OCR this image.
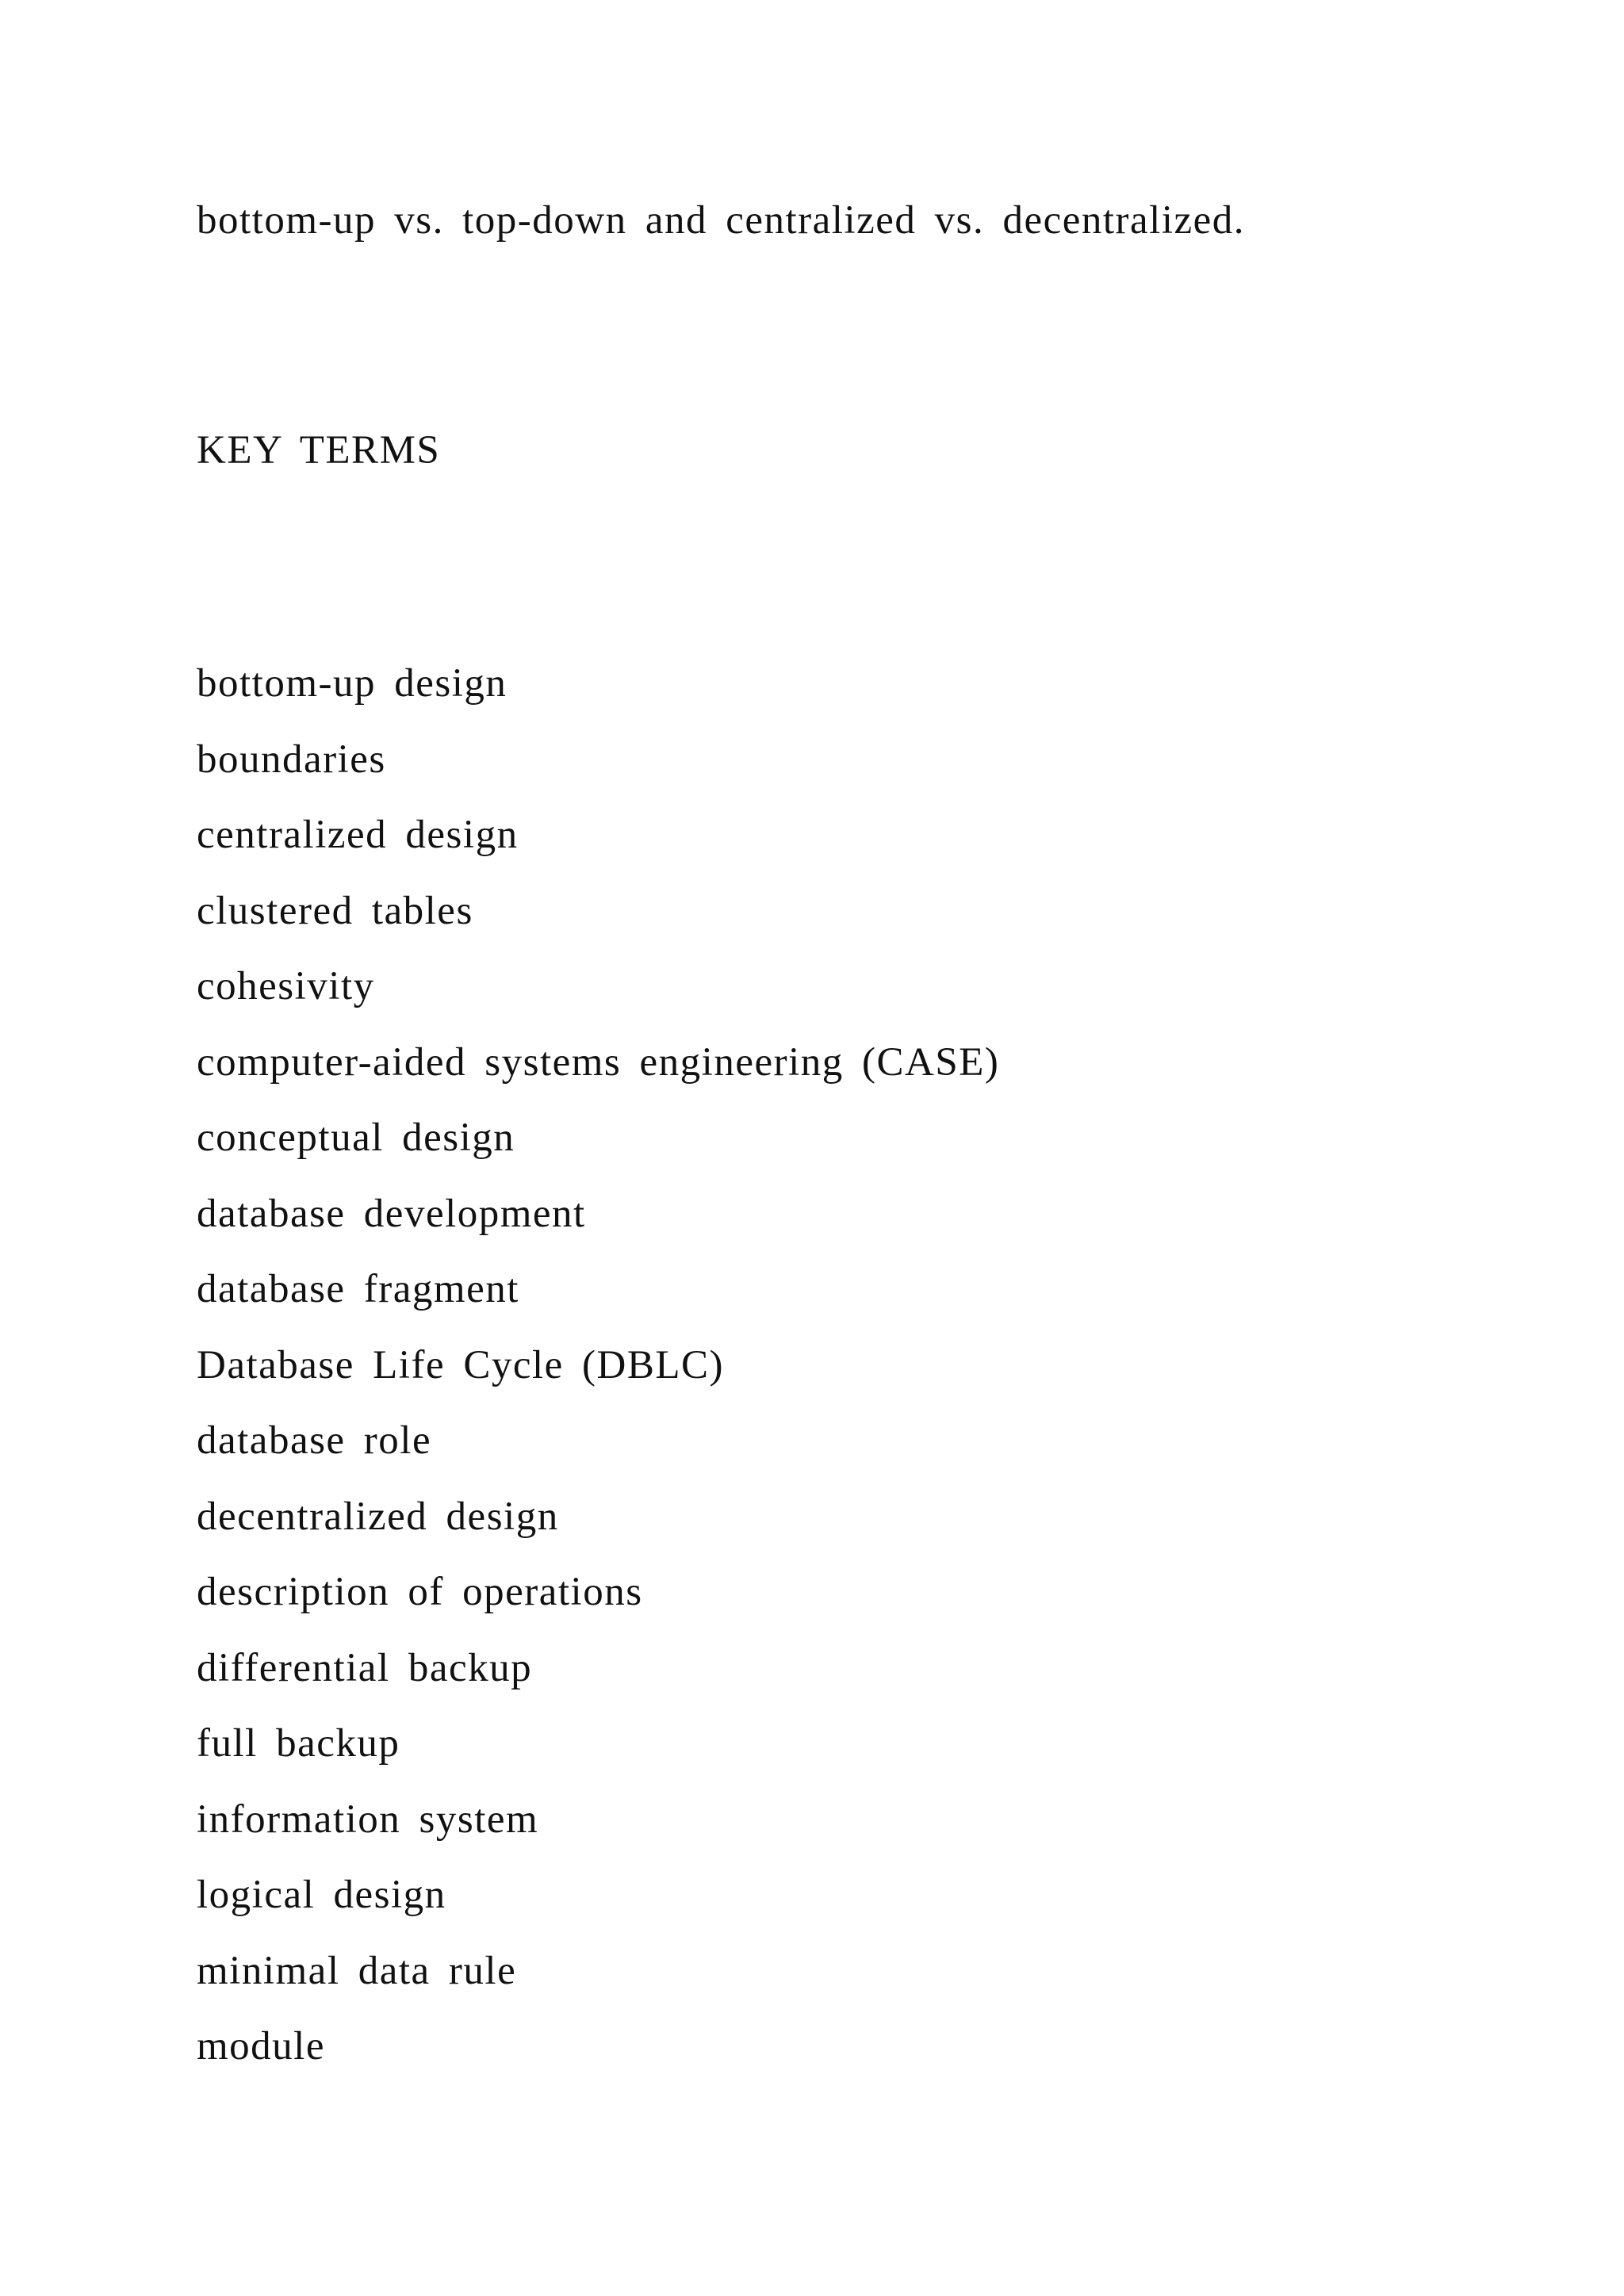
bottom-up vs. top-down and centralized vs. decentralized.
KEY TERMS
bottom-up design
boundaries
centralized design
clustered tables
cohesivity
computer-aided systems engineering (CASE)
conceptual design
database development
database fragment
Database Life Cycle (DBLC)
database role
decentralized design
description of operations
differential backup
full backup
information system
logical design
minimal data rule
module
